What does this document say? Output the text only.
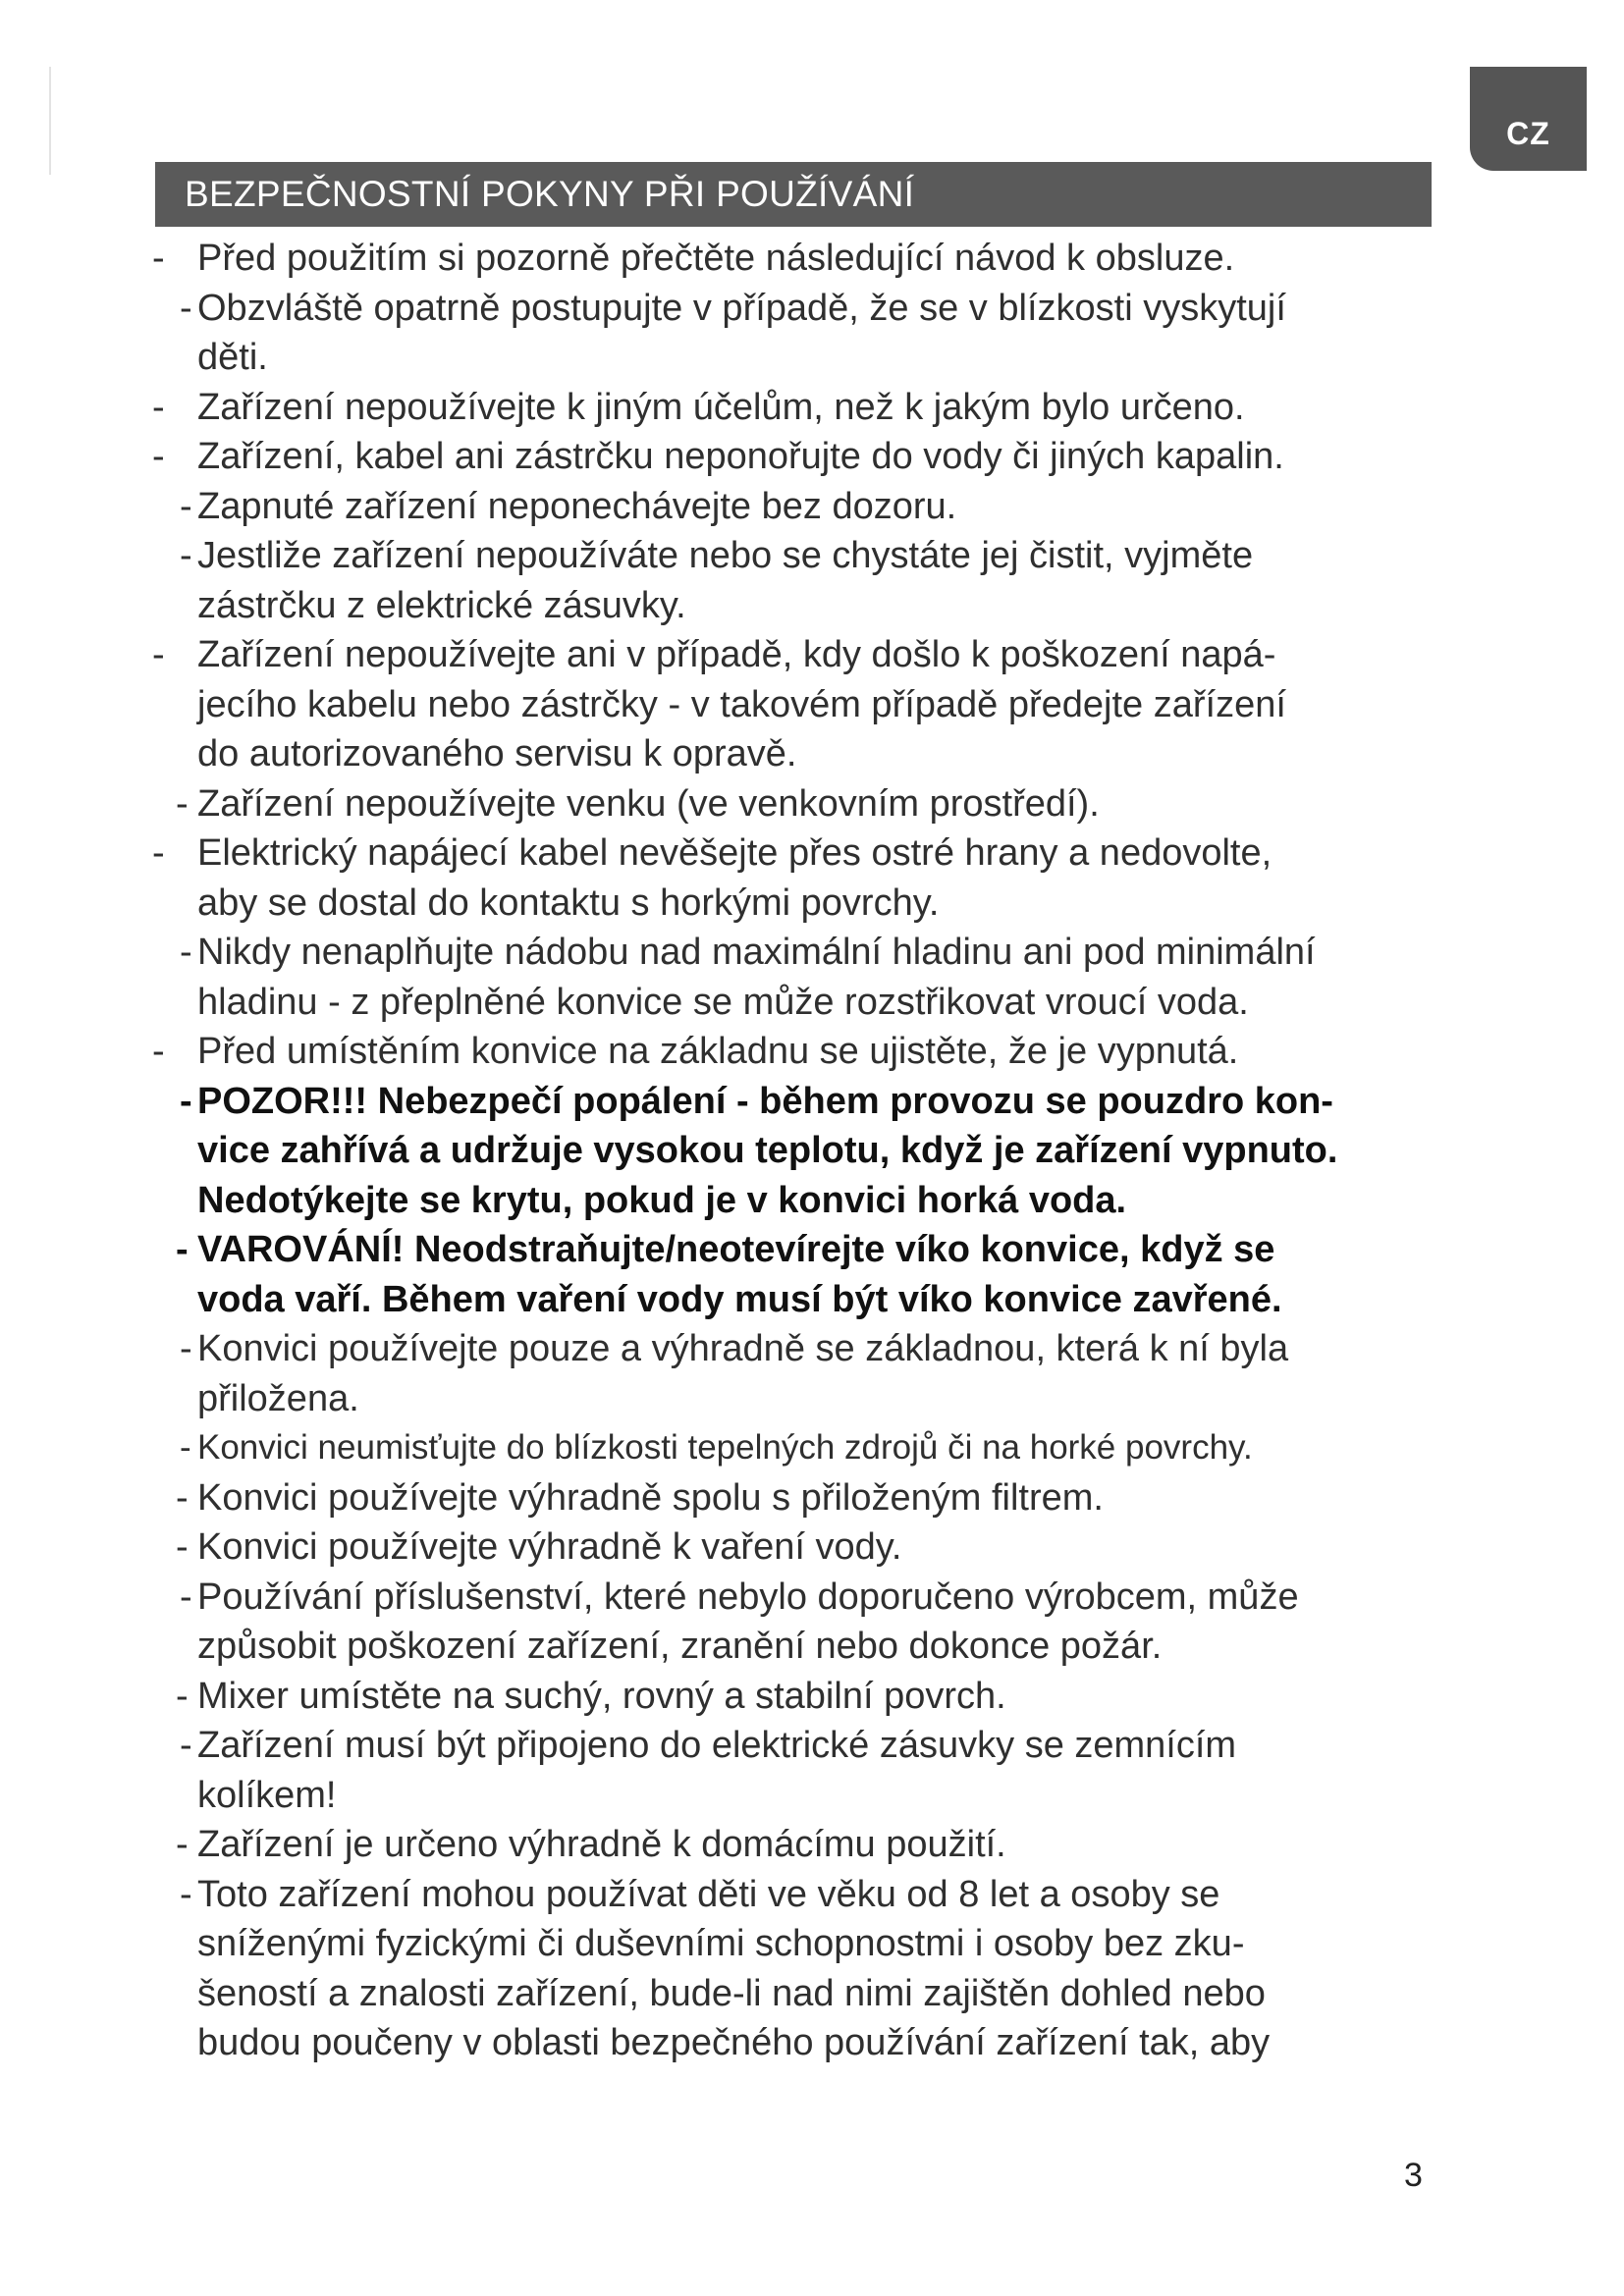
CZ
BEZPEČNOSTNÍ POKYNY PŘI POUŽÍVÁNÍ
- Před použitím si pozorně přečtěte následující návod k obsluze.
- Obzvláště opatrně postupujte v případě, že se v blízkosti vyskytují
děti.
- Zařízení nepoužívejte k jiným účelům, než k jakým bylo určeno.
- Zařízení, kabel ani zástrčku neponořujte do vody či jiných kapalin.
- Zapnuté zařízení neponechávejte bez dozoru.
- Jestliže zařízení nepoužíváte nebo se chystáte jej čistit, vyjměte
zástrčku z elektrické zásuvky.
- Zařízení nepoužívejte ani v případě, kdy došlo k poškození napá-
jecího kabelu nebo zástrčky - v takovém případě předejte zařízení
do autorizovaného servisu k opravě.
- Zařízení nepoužívejte venku (ve venkovním prostředí).
- Elektrický napájecí kabel nevěšejte přes ostré hrany a nedovolte,
aby se dostal do kontaktu s horkými povrchy.
- Nikdy nenaplňujte nádobu nad maximální hladinu ani pod minimální
hladinu - z přeplněné konvice se může rozstřikovat vroucí voda.
- Před umístěním konvice na základnu se ujistěte, že je vypnutá.
- POZOR!!! Nebezpečí popálení - během provozu se pouzdro kon-
vice zahřívá a udržuje vysokou teplotu, když je zařízení vypnuto.
Nedotýkejte se krytu, pokud je v konvici horká voda.
- VAROVÁNÍ! Neodstraňujte/neotevírejte víko konvice, když se
voda vaří. Během vaření vody musí být víko konvice zavřené.
- Konvici používejte pouze a výhradně se základnou, která k ní byla
přiložena.
- Konvici neumisťujte do blízkosti tepelných zdrojů či na horké povrchy.
- Konvici používejte výhradně spolu s přiloženým filtrem.
- Konvici používejte výhradně k vaření vody.
- Používání příslušenství, které nebylo doporučeno výrobcem, může
způsobit poškození zařízení, zranění nebo dokonce požár.
- Mixer umístěte na suchý, rovný a stabilní povrch.
- Zařízení musí být připojeno do elektrické zásuvky se zemnícím
kolíkem!
- Zařízení je určeno výhradně k domácímu použití.
- Toto zařízení mohou používat děti ve věku od 8 let a osoby se
sníženými fyzickými či duševními schopnostmi i osoby bez zku-
šeností a znalosti zařízení, bude-li nad nimi zajištěn dohled nebo
budou poučeny v oblasti bezpečného používání zařízení tak, aby
3
